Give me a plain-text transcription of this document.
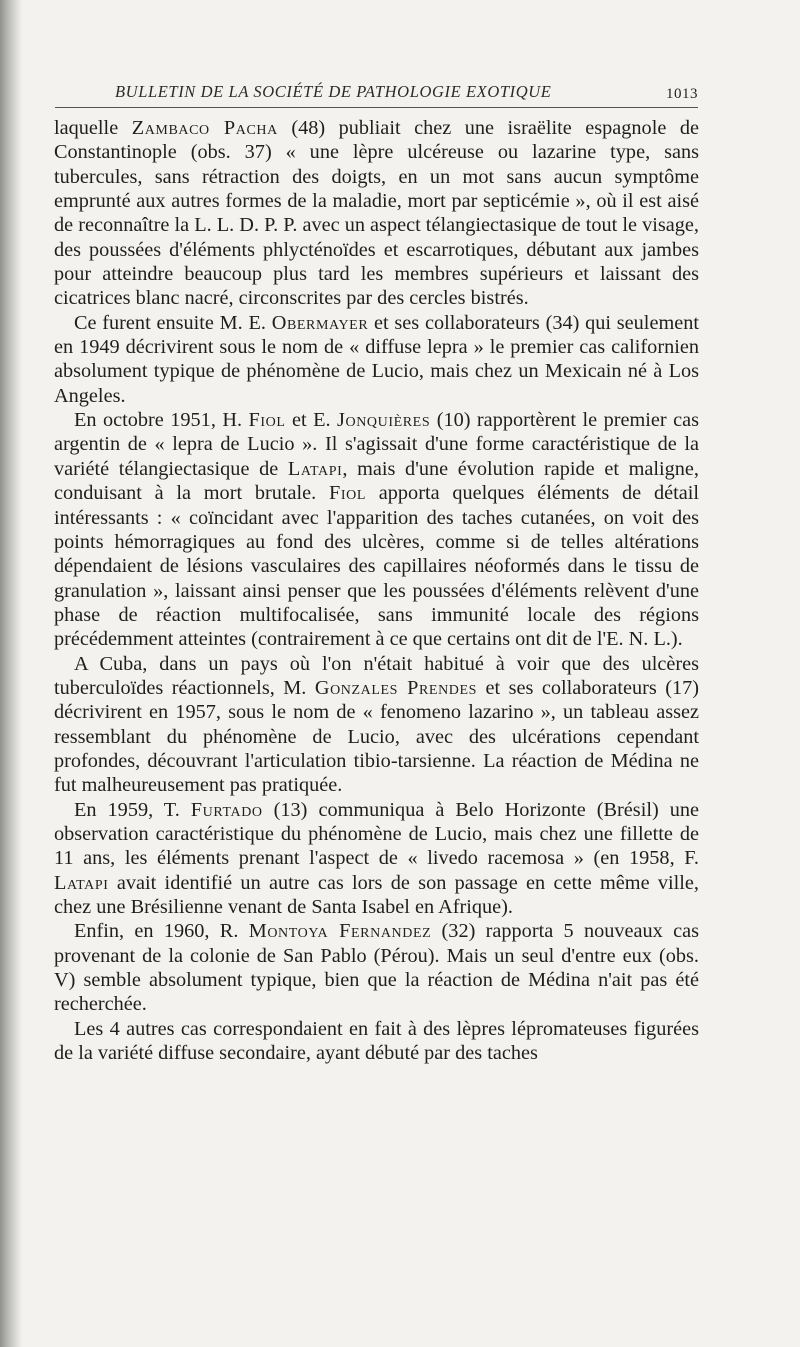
BULLETIN DE LA SOCIÉTÉ DE PATHOLOGIE EXOTIQUE	1013

laquelle Zambaco Pacha (48) publiait chez une israëlite espagnole de Constantinople (obs. 37) « une lèpre ulcéreuse ou lazarine type, sans tubercules, sans rétraction des doigts, en un mot sans aucun symptôme emprunté aux autres formes de la maladie, mort par septicémie », où il est aisé de reconnaître la L. L. D. P. P. avec un aspect télangiectasique de tout le visage, des poussées d'éléments phlycténoïdes et escarrotiques, débutant aux jambes pour atteindre beaucoup plus tard les membres supérieurs et laissant des cicatrices blanc nacré, circonscrites par des cercles bistrés.

Ce furent ensuite M. E. Obermayer et ses collaborateurs (34) qui seulement en 1949 décrivirent sous le nom de « diffuse lepra » le premier cas californien absolument typique de phénomène de Lucio, mais chez un Mexicain né à Los Angeles.

En octobre 1951, H. Fiol et E. Jonquières (10) rapportèrent le premier cas argentin de « lepra de Lucio ». Il s'agissait d'une forme caractéristique de la variété télangiectasique de Latapi, mais d'une évolution rapide et maligne, conduisant à la mort brutale. Fiol apporta quelques éléments de détail intéressants : « coïncidant avec l'apparition des taches cutanées, on voit des points hémorragiques au fond des ulcères, comme si de telles altérations dépendaient de lésions vasculaires des capillaires néoformés dans le tissu de granulation », laissant ainsi penser que les poussées d'éléments relèvent d'une phase de réaction multifocalisée, sans immunité locale des régions précédemment atteintes (contrairement à ce que certains ont dit de l'E. N. L.).

A Cuba, dans un pays où l'on n'était habitué à voir que des ulcères tuberculoïdes réactionnels, M. Gonzales Prendes et ses collaborateurs (17) décrivirent en 1957, sous le nom de « fenomeno lazarino », un tableau assez ressemblant du phénomène de Lucio, avec des ulcérations cependant profondes, découvrant l'articulation tibio-tarsienne. La réaction de Médina ne fut malheureusement pas pratiquée.

En 1959, T. Furtado (13) communiqua à Belo Horizonte (Brésil) une observation caractéristique du phénomène de Lucio, mais chez une fillette de 11 ans, les éléments prenant l'aspect de « livedo racemosa » (en 1958, F. Latapi avait identifié un autre cas lors de son passage en cette même ville, chez une Brésilienne venant de Santa Isabel en Afrique).

Enfin, en 1960, R. Montoya Fernandez (32) rapporta 5 nouveaux cas provenant de la colonie de San Pablo (Pérou). Mais un seul d'entre eux (obs. V) semble absolument typique, bien que la réaction de Médina n'ait pas été recherchée.

Les 4 autres cas correspondaient en fait à des lèpres lépromateuses figurées de la variété diffuse secondaire, ayant débuté par des taches
